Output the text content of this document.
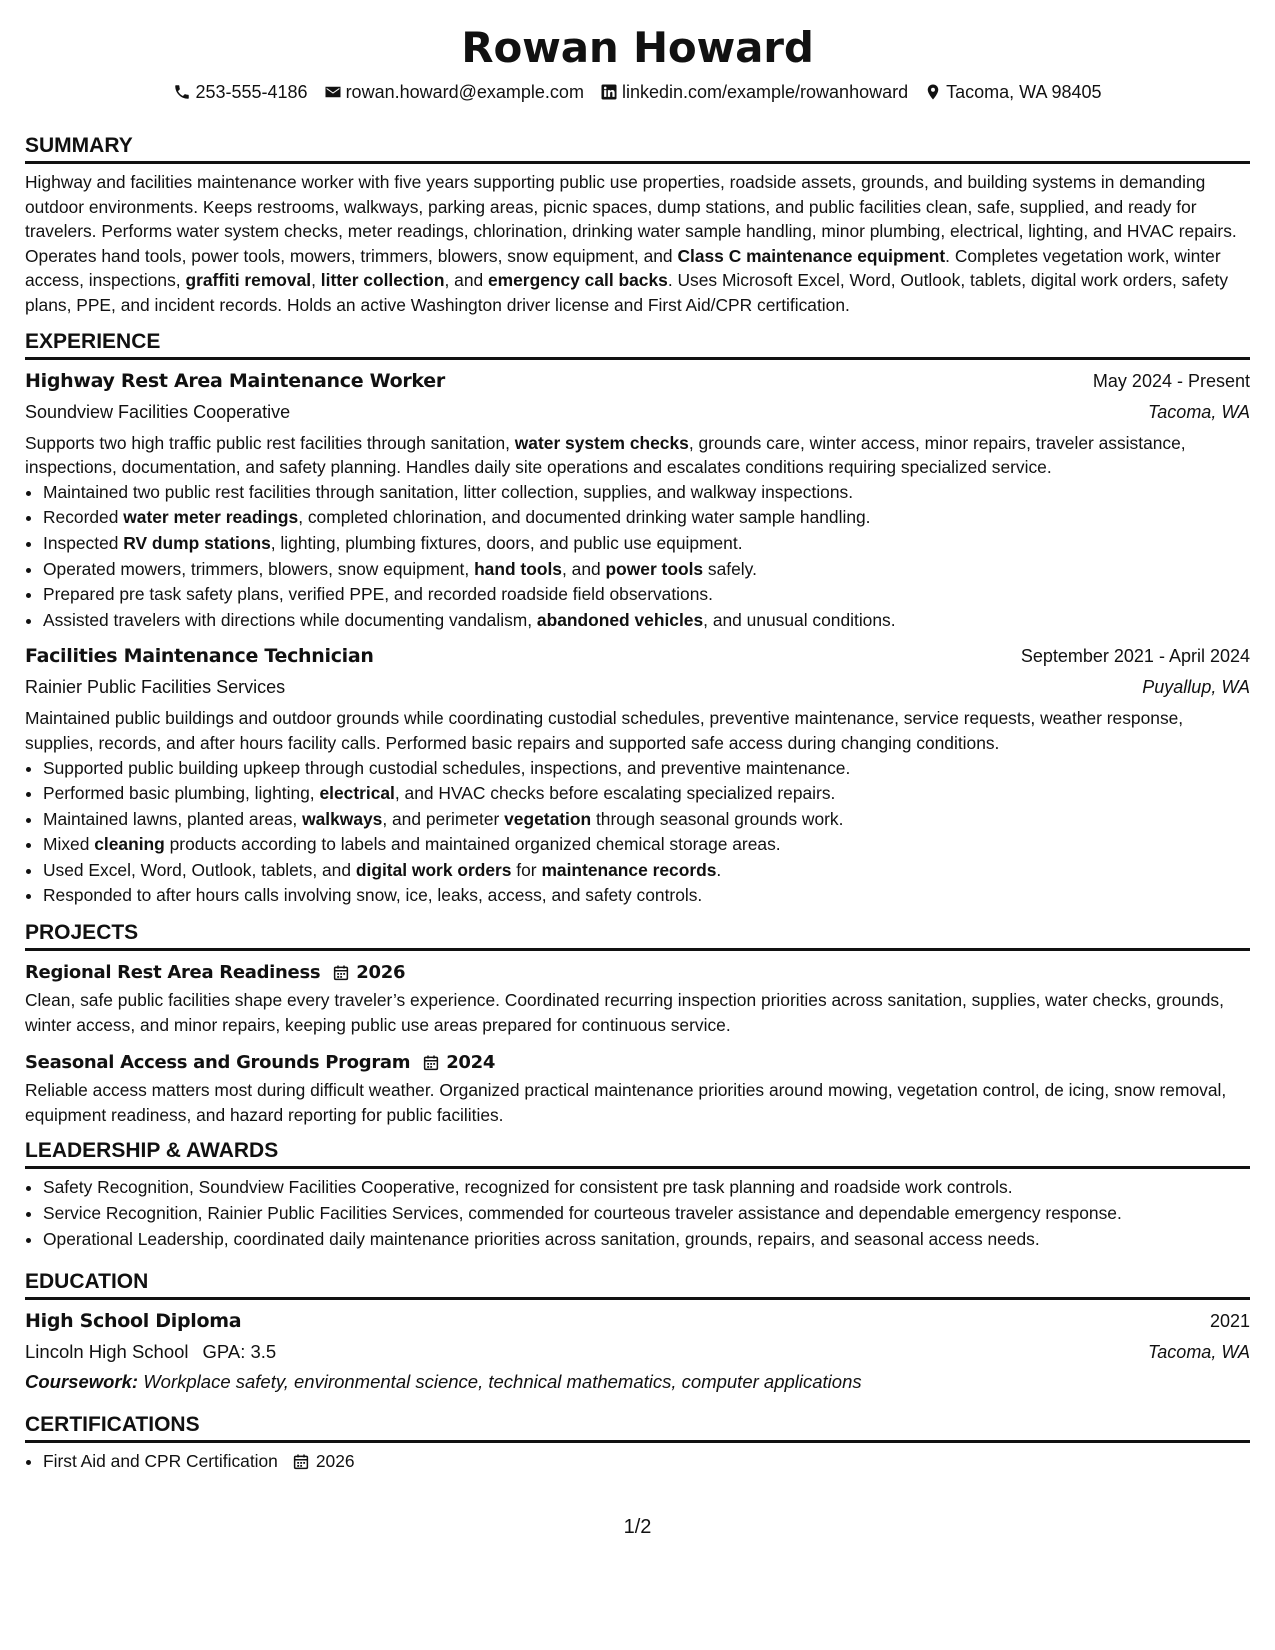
Rowan Howard
253-555-4186 rowan.howard@example.com linkedin.com/example/rowanhoward Tacoma, WA 98405
SUMMARY

Highway and facilities maintenance worker with five years supporting public use properties, roadside assets, grounds, and building systems in demanding outdoor environments. Keeps restrooms, walkways, parking areas, picnic spaces, dump stations, and public facilities clean, safe, supplied, and ready for travelers. Performs water system checks, meter readings, chlorination, drinking water sample handling, minor plumbing, electrical, lighting, and HVAC repairs. Operates hand tools, power tools, mowers, trimmers, blowers, snow equipment, and Class C maintenance equipment. Completes vegetation work, winter access, inspections, graffiti removal, litter collection, and emergency call backs. Uses Microsoft Excel, Word, Outlook, tablets, digital work orders, safety plans, PPE, and incident records. Holds an active Washington driver license and First Aid/CPR certification.

EXPERIENCE
Highway Rest Area Maintenance Worker	May 2024 - Present
Soundview Facilities Cooperative	Tacoma, WA

Supports two high traffic public rest facilities through sanitation, water system checks, grounds care, winter access, minor repairs, traveler assistance, inspections, documentation, and safety planning. Handles daily site operations and escalates conditions requiring specialized service.

• Maintained two public rest facilities through sanitation, litter collection, supplies, and walkway inspections.
• Recorded water meter readings, completed chlorination, and documented drinking water sample handling.
• Inspected RV dump stations, lighting, plumbing fixtures, doors, and public use equipment.
• Operated mowers, trimmers, blowers, snow equipment, hand tools, and power tools safely.
• Prepared pre task safety plans, verified PPE, and recorded roadside field observations.
• Assisted travelers with directions while documenting vandalism, abandoned vehicles, and unusual conditions.
Facilities Maintenance Technician	September 2021 - April 2024
Rainier Public Facilities Services	Puyallup, WA

Maintained public buildings and outdoor grounds while coordinating custodial schedules, preventive maintenance, service requests, weather response, supplies, records, and after hours facility calls. Performed basic repairs and supported safe access during changing conditions.

• Supported public building upkeep through custodial schedules, inspections, and preventive maintenance.
• Performed basic plumbing, lighting, electrical, and HVAC checks before escalating specialized repairs.
• Maintained lawns, planted areas, walkways, and perimeter vegetation through seasonal grounds work.
• Mixed cleaning products according to labels and maintained organized chemical storage areas.
• Used Excel, Word, Outlook, tablets, and digital work orders for maintenance records.
• Responded to after hours calls involving snow, ice, leaks, access, and safety controls.
PROJECTS
Regional Rest Area Readiness 2026

Clean, safe public facilities shape every traveler’s experience. Coordinated recurring inspection priorities across sanitation, supplies, water checks, grounds, winter access, and minor repairs, keeping public use areas prepared for continuous service.

Seasonal Access and Grounds Program 2024

Reliable access matters most during difficult weather. Organized practical maintenance priorities around mowing, vegetation control, de icing, snow removal, equipment readiness, and hazard reporting for public facilities.

LEADERSHIP & AWARDS
• Safety Recognition, Soundview Facilities Cooperative, recognized for consistent pre task planning and roadside work controls.
• Service Recognition, Rainier Public Facilities Services, commended for courteous traveler assistance and dependable emergency response.
• Operational Leadership, coordinated daily maintenance priorities across sanitation, grounds, repairs, and seasonal access needs.
EDUCATION
High School Diploma	2021
Lincoln High School GPA: 3.5	Tacoma, WA
Coursework: Workplace safety, environmental science, technical mathematics, computer applications
CERTIFICATIONS
• First Aid and CPR Certification 2026
1/2
